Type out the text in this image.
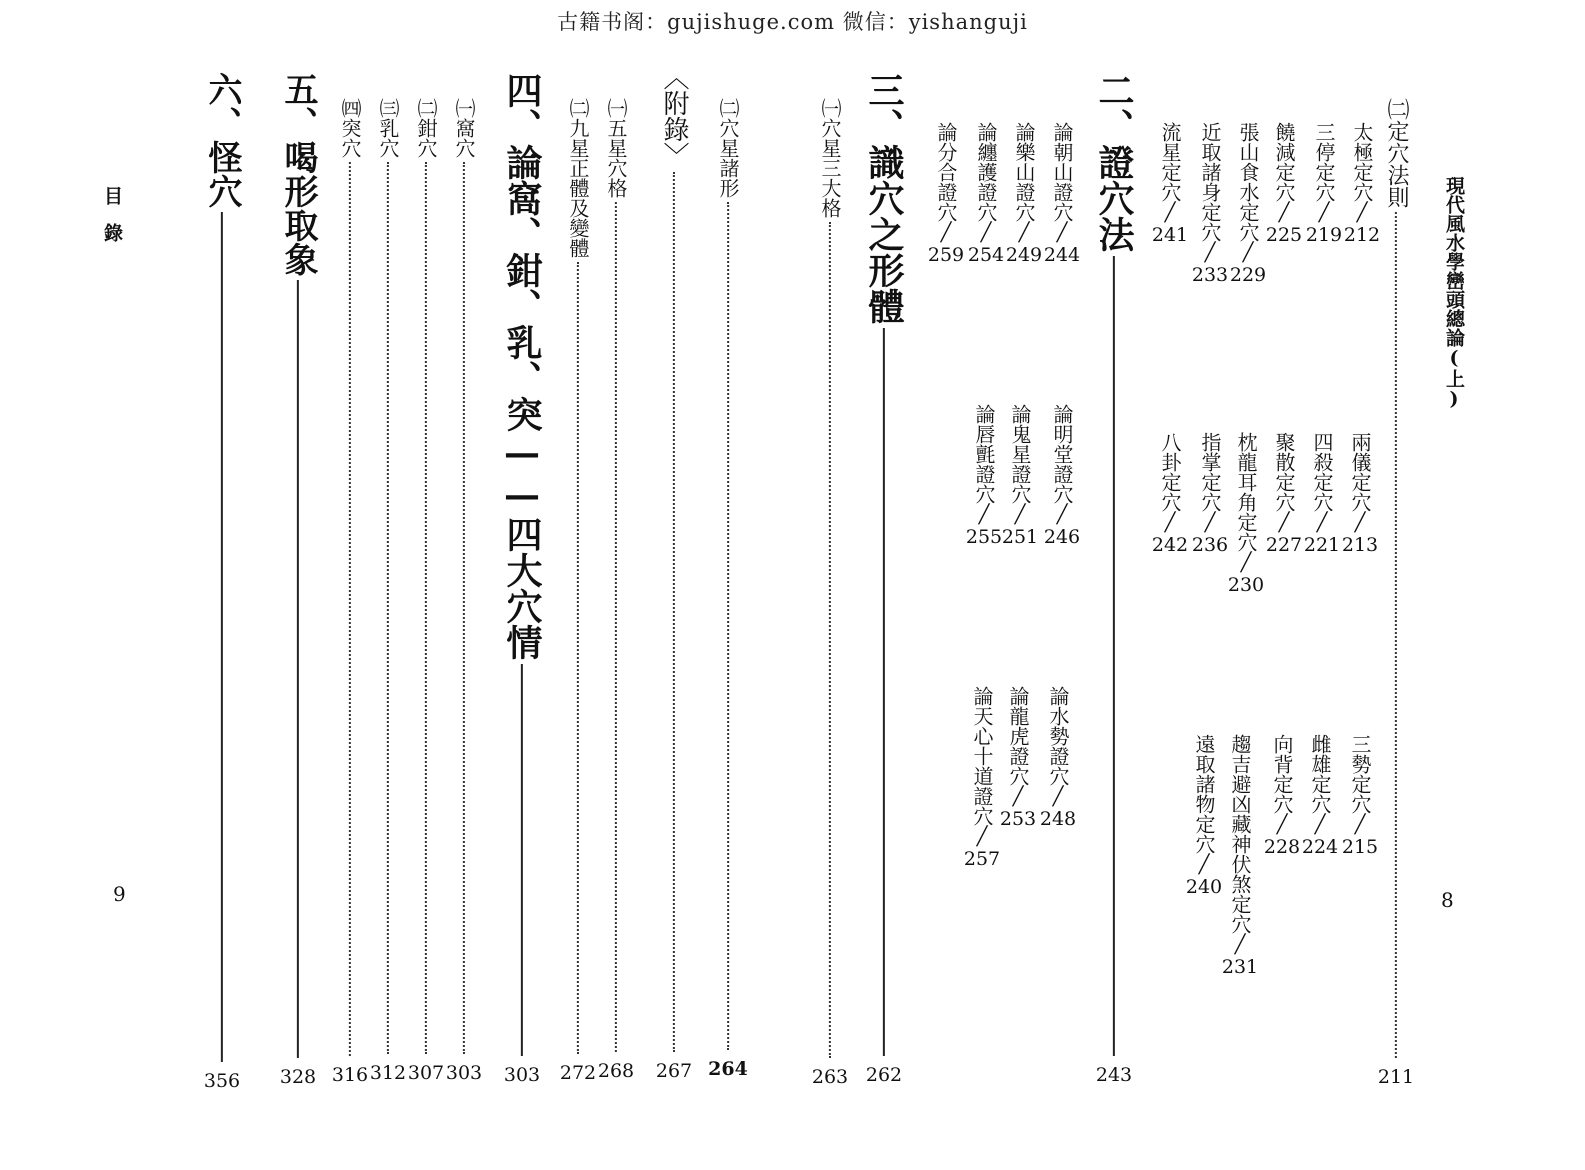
古籍书阁：gujishuge.com 微信：yishanguji
現代風水學巒頭總論(上)
8
目錄
9
㈡定穴法則
211
二、證穴法
243
三、識穴之形體
262
㈠穴星三大格
263
㈡穴星諸形
264
〈附錄〉
267
㈠五星穴格
268
㈡九星正體及變體
272
四、論窩、鉗、乳、突——四大穴情
303
㈠窩穴
303
㈡鉗穴
307
㈢乳穴
312
㈣突穴
316
五、喝形取象
328
六、怪穴
356
太極定穴
╱
212
兩儀定穴
╱
213
三勢定穴
╱
215
三停定穴
╱
219
四殺定穴
╱
221
雌雄定穴
╱
224
饒減定穴
╱
225
聚散定穴
╱
227
向背定穴
╱
228
張山食水定穴
╱
229
枕龍耳角定穴
╱
230
趨吉避凶藏神伏煞定穴
╱
231
近取諸身定穴
╱
233
指掌定穴
╱
236
遠取諸物定穴
╱
240
流星定穴
╱
241
八卦定穴
╱
242
論朝山證穴
╱
244
論明堂證穴
╱
246
論水勢證穴
╱
248
論樂山證穴
╱
249
論鬼星證穴
╱
251
論龍虎證穴
╱
253
論纏護證穴
╱
254
論唇氈證穴
╱
255
論天心十道證穴
╱
257
論分合證穴
╱
259
